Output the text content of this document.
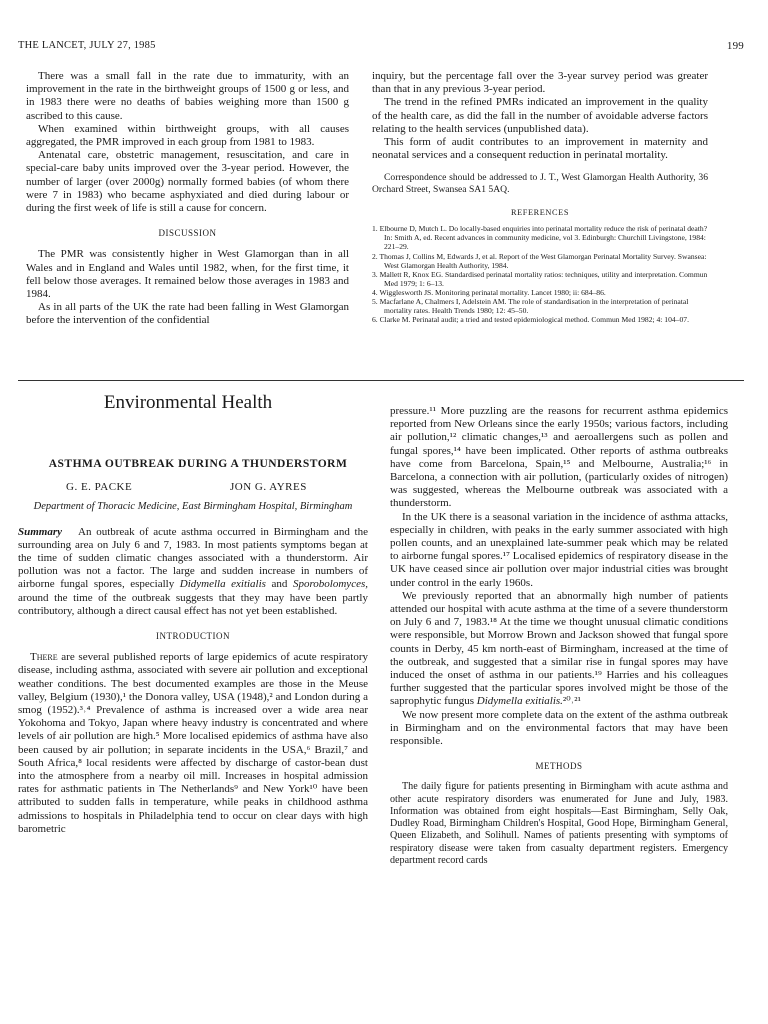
THE LANCET, JULY 27, 1985	199

There was a small fall in the rate due to immaturity, with an improvement in the rate in the birthweight groups of 1500 g or less, and in 1983 there were no deaths of babies weighing more than 1500 g ascribed to this cause.

When examined within birthweight groups, with all causes aggregated, the PMR improved in each group from 1981 to 1983.

Antenatal care, obstetric management, resuscitation, and care in special-care baby units improved over the 3-year period. However, the number of larger (over 2000g) normally formed babies (of whom there were 7 in 1983) who became asphyxiated and died during labour or during the first week of life is still a cause for concern.

DISCUSSION

The PMR was consistently higher in West Glamorgan than in all Wales and in England and Wales until 1982, when, for the first time, it fell below those averages. It remained below those averages in 1983 and 1984.

As in all parts of the UK the rate had been falling in West Glamorgan before the intervention of the confidential

inquiry, but the percentage fall over the 3-year survey period was greater than that in any previous 3-year period.

The trend in the refined PMRs indicated an improvement in the quality of the health care, as did the fall in the number of avoidable adverse factors relating to the health services (unpublished data).

This form of audit contributes to an improvement in maternity and neonatal services and a consequent reduction in perinatal mortality.

Correspondence should be addressed to J. T., West Glamorgan Health Authority, 36 Orchard Street, Swansea SA1 5AQ.

REFERENCES
1. Elbourne D, Mutch L. Do locally-based enquiries into perinatal mortality reduce the risk of perinatal death? In: Smith A, ed. Recent advances in community medicine, vol 3. Edinburgh: Churchill Livingstone, 1984: 221–29.
2. Thomas J, Collins M, Edwards J, et al. Report of the West Glamorgan Perinatal Mortality Survey. Swansea: West Glamorgan Health Authority, 1984.
3. Mallett R, Knox EG. Standardised perinatal mortality ratios: techniques, utility and interpretation. Commun Med 1979; 1: 6–13.
4. Wigglesworth JS. Monitoring perinatal mortality. Lancet 1980; ii: 684–86.
5. Macfarlane A, Chalmers I, Adelstein AM. The role of standardisation in the interpretation of perinatal mortality rates. Health Trends 1980; 12: 45–50.
6. Clarke M. Perinatal audit; a tried and tested epidemiological method. Commun Med 1982; 4: 104–07.
Environmental Health
ASTHMA OUTBREAK DURING A THUNDERSTORM
G. E. PACKE	JON G. AYRES
Department of Thoracic Medicine, East Birmingham Hospital, Birmingham

Summary An outbreak of acute asthma occurred in Birmingham and the surrounding area on July 6 and 7, 1983. In most patients symptoms began at the time of sudden climatic changes associated with a thunderstorm. Air pollution was not a factor. The large and sudden increase in numbers of airborne fungal spores, especially Didymella exitialis and Sporobolomyces, around the time of the outbreak suggests that they may have been partly contributory, although a direct causal effect has not yet been established.

INTRODUCTION

There are several published reports of large epidemics of acute respiratory disease, including asthma, associated with severe air pollution and exceptional weather conditions. The best documented examples are those in the Meuse valley, Belgium (1930),¹ the Donora valley, USA (1948),² and London during a smog (1952).³˒⁴ Prevalence of asthma is increased over a wide area near Yokohoma and Tokyo, Japan where heavy industry is concentrated and where levels of air pollution are high.⁵ More localised epidemics of asthma have also been caused by air pollution; in separate incidents in the USA,⁶ Brazil,⁷ and South Africa,⁸ local residents were affected by discharge of castor-bean dust into the atmosphere from a nearby oil mill. Increases in hospital admission rates for asthmatic patients in The Netherlands⁹ and New York¹⁰ have been attributed to sudden falls in temperature, while peaks in childhood asthma admissions to hospitals in Philadelphia tend to occur on clear days with high barometric

pressure.¹¹ More puzzling are the reasons for recurrent asthma epidemics reported from New Orleans since the early 1950s; various factors, including air pollution,¹² climatic changes,¹³ and aeroallergens such as pollen and fungal spores,¹⁴ have been implicated. Other reports of asthma outbreaks have come from Barcelona, Spain,¹⁵ and Melbourne, Australia;¹⁶ in Barcelona, a connection with air pollution, (particularly oxides of nitrogen) was suggested, whereas the Melbourne outbreak was associated with a thunderstorm.

In the UK there is a seasonal variation in the incidence of asthma attacks, especially in children, with peaks in the early summer associated with high pollen counts, and an unexplained late-summer peak which may be related to airborne fungal spores.¹⁷ Localised epidemics of respiratory disease in the UK have ceased since air pollution over major industrial cities was brought under control in the early 1960s.

We previously reported that an abnormally high number of patients attended our hospital with acute asthma at the time of a severe thunderstorm on July 6 and 7, 1983.¹⁸ At the time we thought unusual climatic conditions were responsible, but Morrow Brown and Jackson showed that fungal spore counts in Derby, 45 km north-east of Birmingham, increased at the time of the outbreak, and suggested that a similar rise in fungal spores may have induced the onset of asthma in our patients.¹⁹ Harries and his colleagues further suggested that the particular spores involved might be those of the saprophytic fungus Didymella exitialis.²⁰˒²¹

We now present more complete data on the extent of the asthma outbreak in Birmingham and on the environmental factors that may have been responsible.

METHODS

The daily figure for patients presenting in Birmingham with acute asthma and other acute respiratory disorders was enumerated for June and July, 1983. Information was obtained from eight hospitals—East Birmingham, Selly Oak, Dudley Road, Birmingham Children's Hospital, Good Hope, Birmingham General, Queen Elizabeth, and Solihull. Names of patients presenting with symptoms of respiratory disease were taken from casualty department registers. Emergency department record cards
